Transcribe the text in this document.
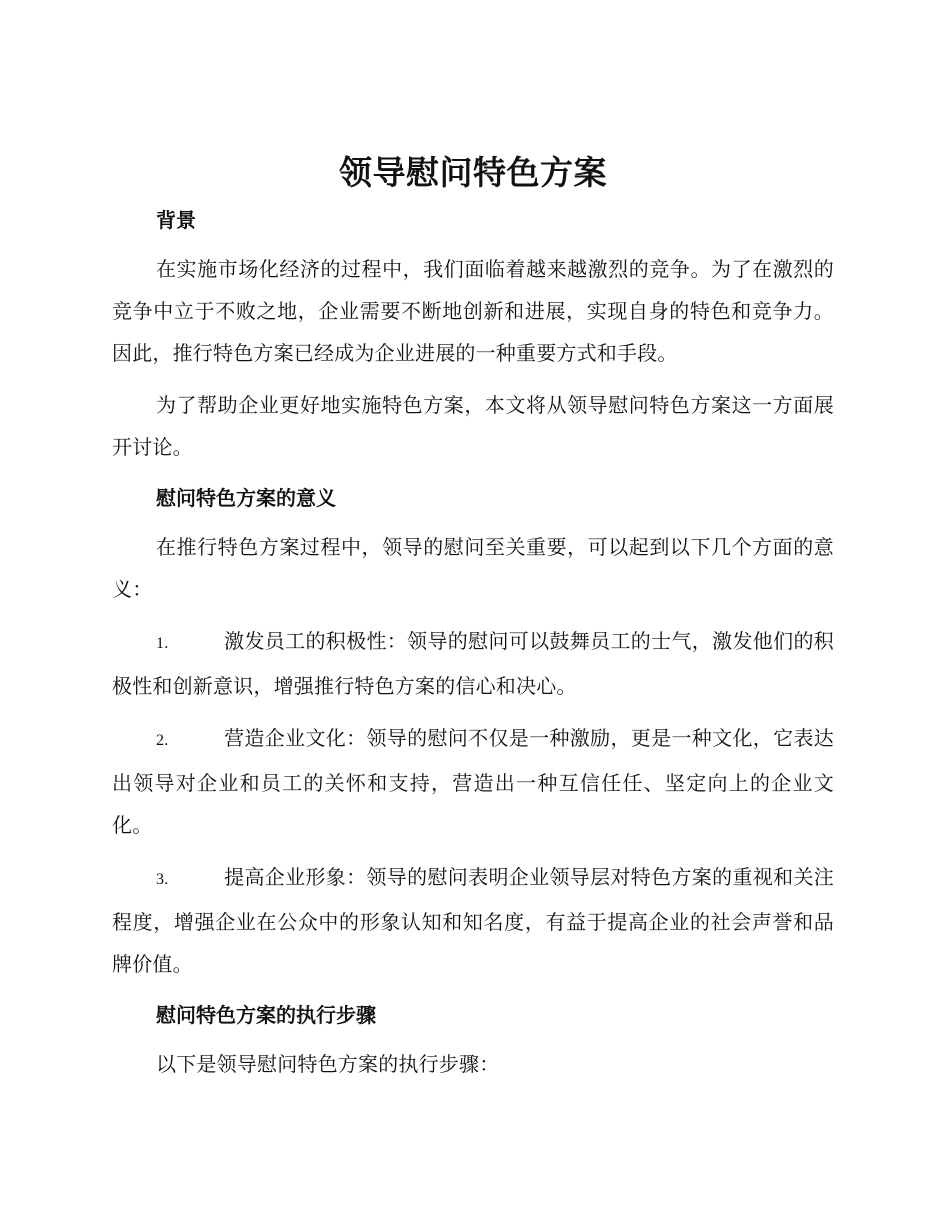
领导慰问特色方案
背景

在实施市场化经济的过程中，我们面临着越来越激烈的竞争。为了在激烈的竞争中立于不败之地，企业需要不断地创新和进展，实现自身的特色和竞争力。因此，推行特色方案已经成为企业进展的一种重要方式和手段。

为了帮助企业更好地实施特色方案，本文将从领导慰问特色方案这一方面展开讨论。

慰问特色方案的意义

在推行特色方案过程中，领导的慰问至关重要，可以起到以下几个方面的意义：

1.	激发员工的积极性：领导的慰问可以鼓舞员工的士气，激发他们的积极性和创新意识，增强推行特色方案的信心和决心。

2.	营造企业文化：领导的慰问不仅是一种激励，更是一种文化，它表达出领导对企业和员工的关怀和支持，营造出一种互信任任、坚定向上的企业文化。

3.	提高企业形象：领导的慰问表明企业领导层对特色方案的重视和关注程度，增强企业在公众中的形象认知和知名度，有益于提高企业的社会声誉和品牌价值。

慰问特色方案的执行步骤

以下是领导慰问特色方案的执行步骤：
